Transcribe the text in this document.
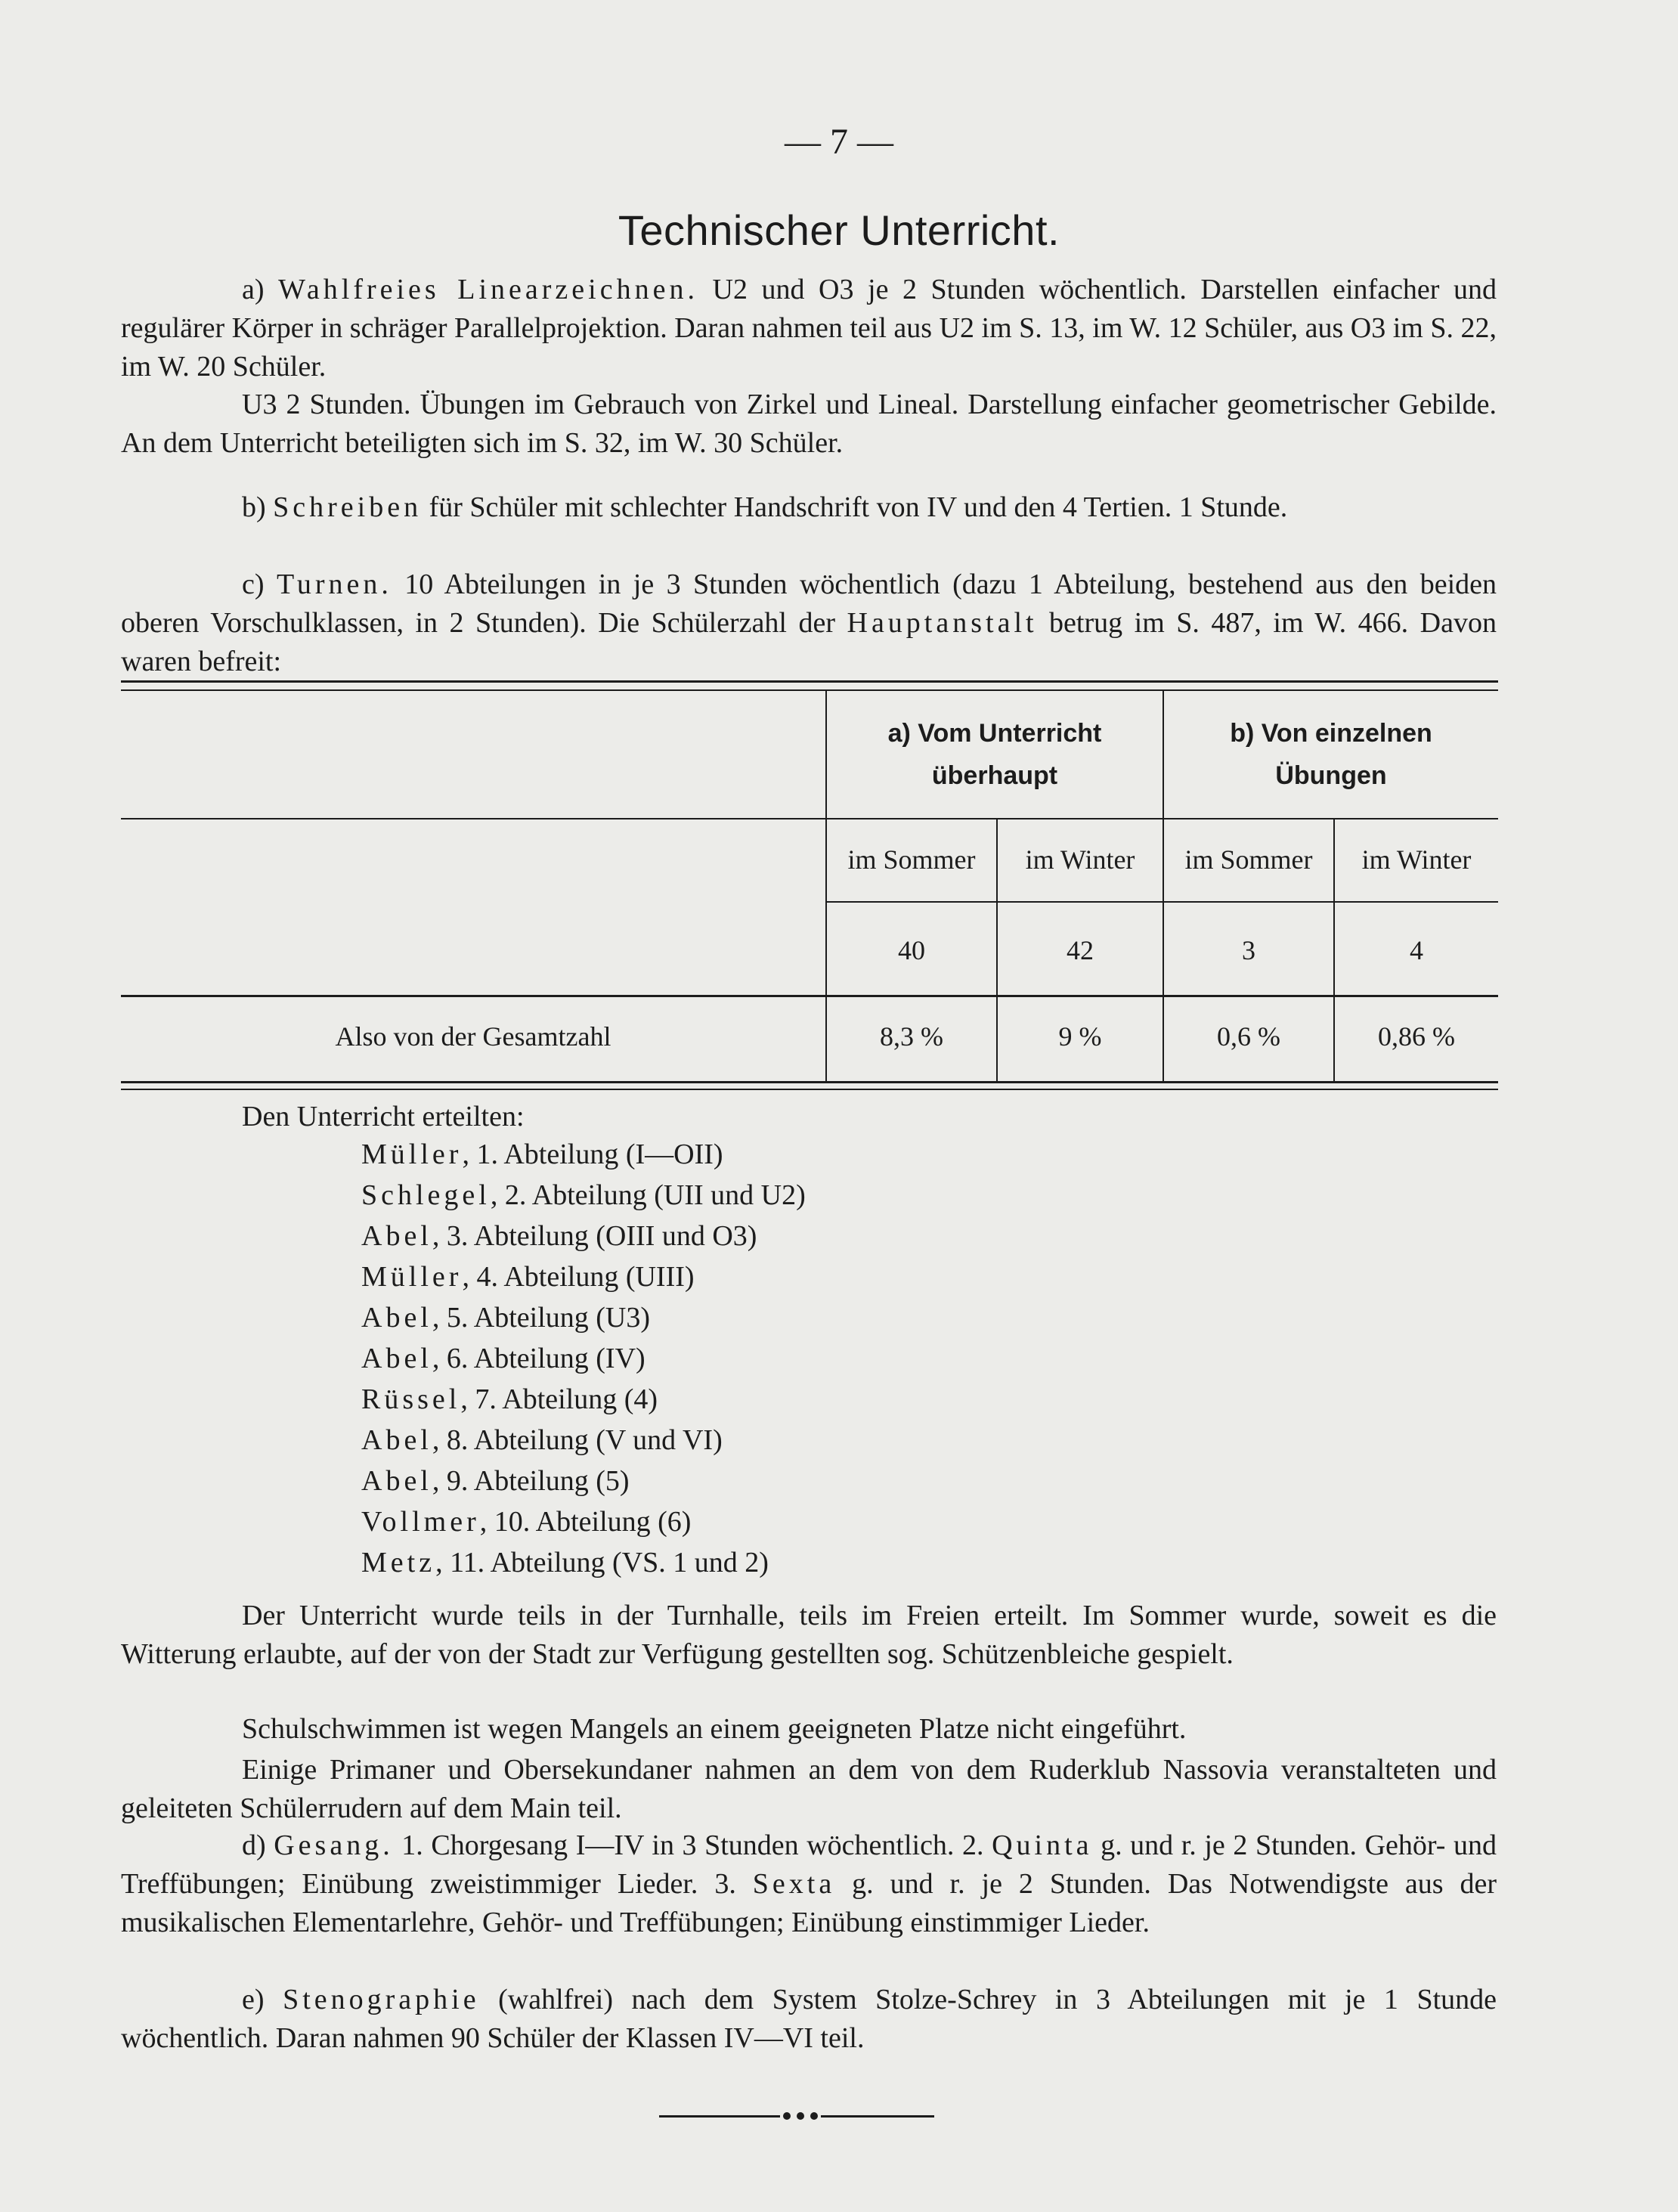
— 7 —
Technischer Unterricht.

a) Wahlfreies Linearzeichnen. U2 und O3 je 2 Stunden wöchentlich. Darstellen einfacher und regulärer Körper in schräger Parallelprojektion. Daran nahmen teil aus U2 im S. 13, im W. 12 Schüler, aus O3 im S. 22, im W. 20 Schüler.

U3 2 Stunden. Übungen im Gebrauch von Zirkel und Lineal. Darstellung einfacher geometrischer Gebilde. An dem Unterricht beteiligten sich im S. 32, im W. 30 Schüler.

b) Schreiben für Schüler mit schlechter Handschrift von IV und den 4 Tertien. 1 Stunde.

c) Turnen. 10 Abteilungen in je 3 Stunden wöchentlich (dazu 1 Abteilung, bestehend aus den beiden oberen Vorschulklassen, in 2 Stunden). Die Schülerzahl der Hauptanstalt betrug im S. 487, im W. 466. Davon waren befreit:

a) Vom Unterricht
überhaupt
b) Von einzelnen
Übungen
im Sommer	im Winter	im Sommer	im Winter
40	42	3	4
Also von der Gesamtzahl	8,3 %	9 %	0,6 %	0,86 %
Den Unterricht erteilten:
Müller, 1. Abteilung (I—OII)
Schlegel, 2. Abteilung (UII und U2)
Abel, 3. Abteilung (OIII und O3)
Müller, 4. Abteilung (UIII)
Abel, 5. Abteilung (U3)
Abel, 6. Abteilung (IV)
Rüssel, 7. Abteilung (4)
Abel, 8. Abteilung (V und VI)
Abel, 9. Abteilung (5)
Vollmer, 10. Abteilung (6)
Metz, 11. Abteilung (VS. 1 und 2)

Der Unterricht wurde teils in der Turnhalle, teils im Freien erteilt. Im Sommer wurde, soweit es die Witterung erlaubte, auf der von der Stadt zur Verfügung gestellten sog. Schützenbleiche gespielt.

Schulschwimmen ist wegen Mangels an einem geeigneten Platze nicht eingeführt.

Einige Primaner und Obersekundaner nahmen an dem von dem Ruderklub Nassovia veranstalteten und geleiteten Schülerrudern auf dem Main teil.

d) Gesang. 1. Chorgesang I—IV in 3 Stunden wöchentlich. 2. Quinta g. und r. je 2 Stunden. Gehör- und Treffübungen; Einübung zweistimmiger Lieder. 3. Sexta g. und r. je 2 Stunden. Das Notwendigste aus der musikalischen Elementarlehre, Gehör- und Treffübungen; Einübung einstimmiger Lieder.

e) Stenographie (wahlfrei) nach dem System Stolze-Schrey in 3 Abteilungen mit je 1 Stunde wöchentlich. Daran nahmen 90 Schüler der Klassen IV—VI teil.
